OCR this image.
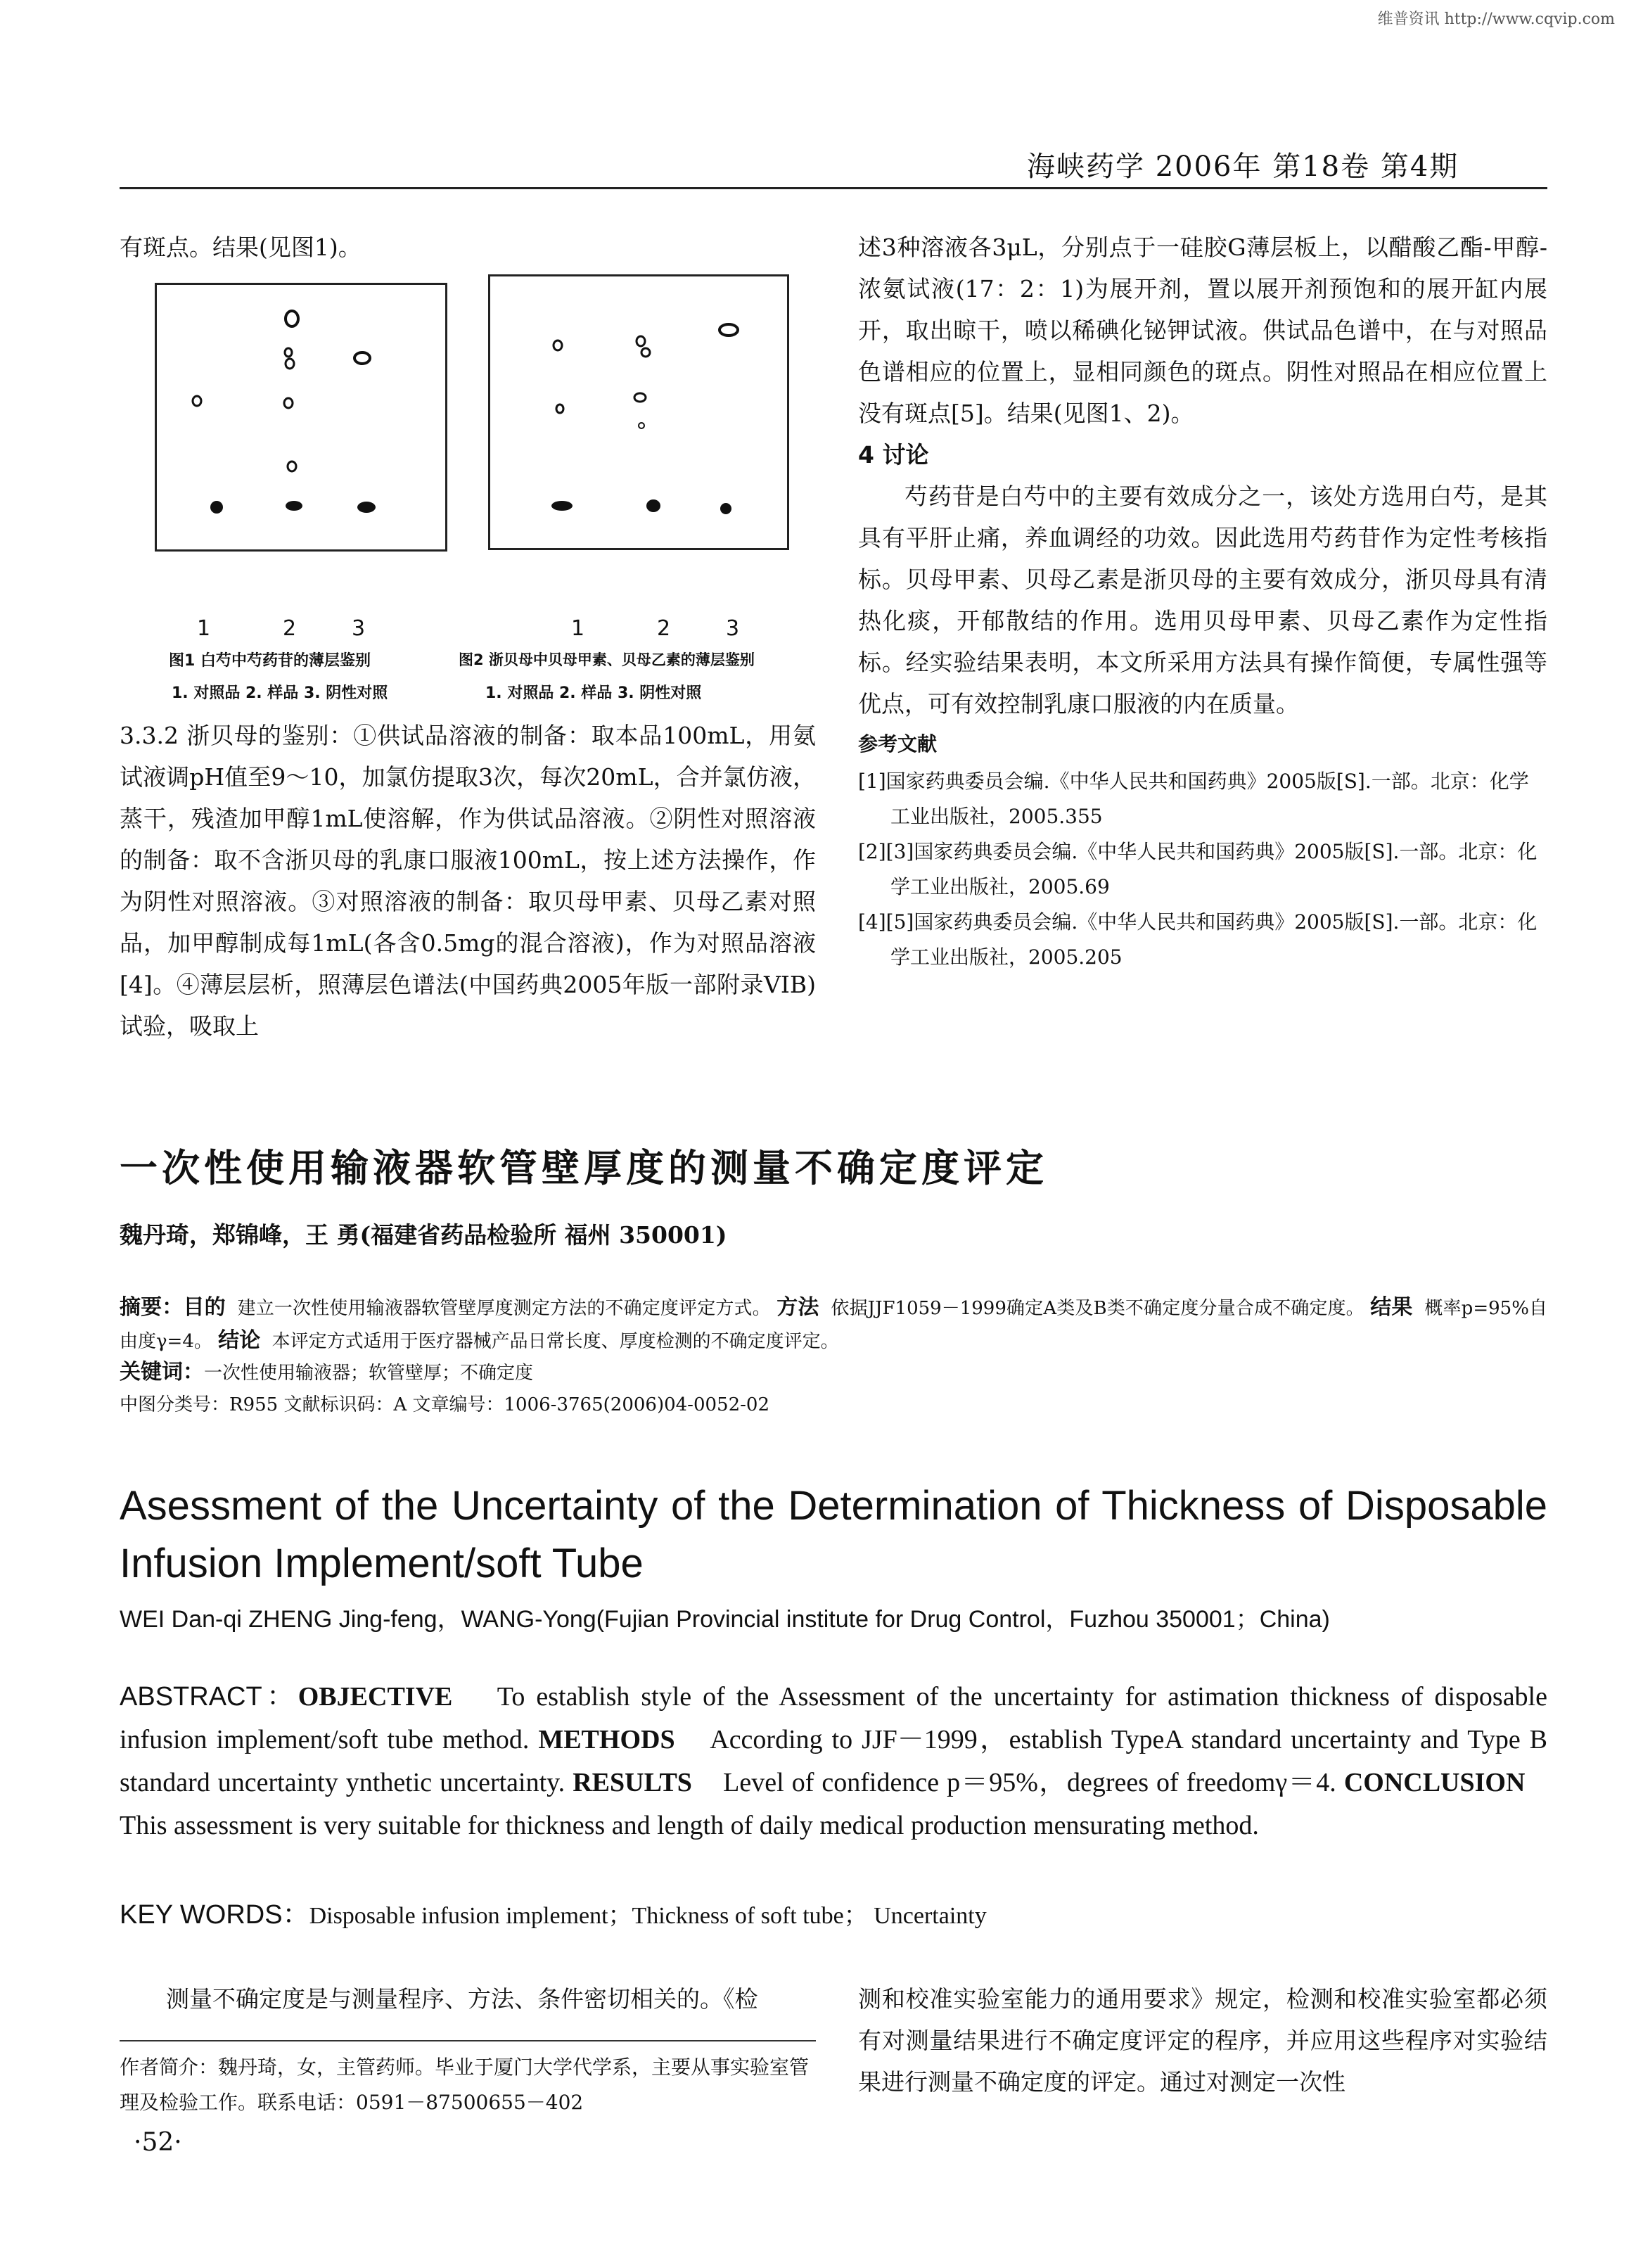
维普资讯 http://www.cqvip.com
海峡药学 2006年 第18卷 第4期
有斑点。结果(见图1)。
1	2	3
图1 白芍中芍药苷的薄层鉴别
1. 对照品 2. 样品 3. 阴性对照
1	2	3
图2 浙贝母中贝母甲素、贝母乙素的薄层鉴别
1. 对照品 2. 样品 3. 阴性对照
3.3.2 浙贝母的鉴别：①供试品溶液的制备：取本品100mL，用氨试液调pH值至9～10，加氯仿提取3次，每次20mL，合并氯仿液，蒸干，残渣加甲醇1mL使溶解，作为供试品溶液。②阴性对照溶液的制备：取不含浙贝母的乳康口服液100mL，按上述方法操作，作为阴性对照溶液。③对照溶液的制备：取贝母甲素、贝母乙素对照品，加甲醇制成每1mL(各含0.5mg的混合溶液)，作为对照品溶液[4]。④薄层层析，照薄层色谱法(中国药典2005年版一部附录VIB)试验，吸取上

述3种溶液各3μL，分别点于一硅胶G薄层板上，以醋酸乙酯-甲醇-浓氨试液(17：2：1)为展开剂，置以展开剂预饱和的展开缸内展开，取出晾干，喷以稀碘化铋钾试液。供试品色谱中，在与对照品色谱相应的位置上，显相同颜色的斑点。阴性对照品在相应位置上没有斑点[5]。结果(见图1、2)。

4 讨论

芍药苷是白芍中的主要有效成分之一，该处方选用白芍，是其具有平肝止痛，养血调经的功效。因此选用芍药苷作为定性考核指标。贝母甲素、贝母乙素是浙贝母的主要有效成分，浙贝母具有清热化痰，开郁散结的作用。选用贝母甲素、贝母乙素作为定性指标。经实验结果表明，本文所采用方法具有操作简便，专属性强等优点，可有效控制乳康口服液的内在质量。

参考文献

[1]国家药典委员会编.《中华人民共和国药典》2005版[S].一部。北京：化学工业出版社，2005.355

[2][3]国家药典委员会编.《中华人民共和国药典》2005版[S].一部。北京：化学工业出版社，2005.69

[4][5]国家药典委员会编.《中华人民共和国药典》2005版[S].一部。北京：化学工业出版社，2005.205

一次性使用输液器软管壁厚度的测量不确定度评定
魏丹琦，郑锦峰，王 勇(福建省药品检验所 福州 350001)
摘要：目的 建立一次性使用输液器软管壁厚度测定方法的不确定度评定方式。 方法 依据JJF1059－1999确定A类及B类不确定度分量合成不确定度。 结果 概率p=95%自由度γ=4。 结论 本评定方式适用于医疗器械产品日常长度、厚度检测的不确定度评定。
关键词：一次性使用输液器；软管壁厚；不确定度
中图分类号：R955 文献标识码：A 文章编号：1006-3765(2006)04-0052-02
Asessment of the Uncertainty of the Determination of Thickness of Disposable Infusion Implement/soft Tube
WEI Dan-qi ZHENG Jing-feng，WANG-Yong(Fujian Provincial institute for Drug Control，Fuzhou 350001；China)
ABSTRACT：OBJECTIVE To establish style of the Assessment of the uncertainty for astimation thickness of disposable infusion implement/soft tube method. METHODS According to JJF－1999，establish TypeA standard uncertainty and Type B standard uncertainty ynthetic uncertainty. RESULTS Level of confidence p＝95%，degrees of freedomγ＝4. CONCLUSION    This assessment is very suitable for thickness and length of daily medical production mensurating method.
KEY WORDS：Disposable infusion implement；Thickness of soft tube； Uncertainty
测量不确定度是与测量程序、方法、条件密切相关的。《检	测和校准实验室能力的通用要求》规定，检测和校准实验室都必须有对测量结果进行不确定度评定的程序，并应用这些程序对实验结果进行测量不确定度的评定。通过对测定一次性
作者简介：魏丹琦，女，主管药师。毕业于厦门大学代学系，主要从事实验室管理及检验工作。联系电话：0591－87500655－402
·52·
